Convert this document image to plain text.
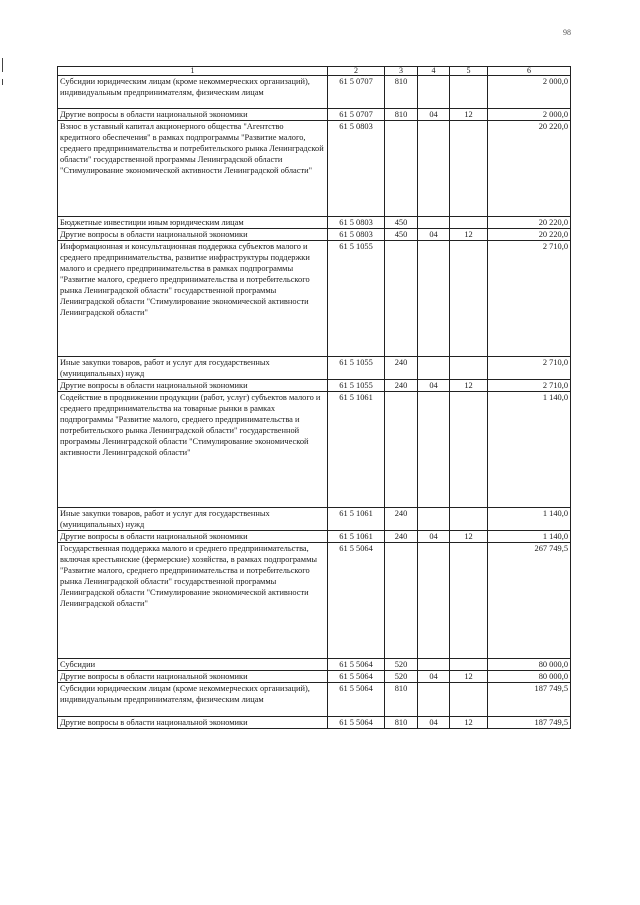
98
1	2	3	4	5	6
Субсидии юридическим лицам (кроме некоммерческих организаций), индивидуальным предпринимателям, физическим лицам	61 5 0707	810			2 000,0
Другие вопросы в области национальной экономики	61 5 0707	810	04	12	2 000,0
Взнос в уставный капитал акционерного общества "Агентство кредитного обеспечения" в рамках подпрограммы "Развитие малого, среднего предпринимательства и потребительского рынка Ленинградской области" государственной программы Ленинградской области "Стимулирование экономической активности Ленинградской области"	61 5 0803				20 220,0
Бюджетные инвестиции иным юридическим лицам	61 5 0803	450			20 220,0
Другие вопросы в области национальной экономики	61 5 0803	450	04	12	20 220,0
Информационная и консультационная поддержка субъектов малого и среднего предпринимательства, развитие инфраструктуры поддержки малого и среднего предпринимательства в рамках подпрограммы "Развитие малого, среднего предпринимательства и потребительского рынка Ленинградской области" государственной программы Ленинградской области "Стимулирование экономической активности Ленинградской области"	61 5 1055				2 710,0
Иные закупки товаров, работ и услуг для государственных (муниципальных) нужд	61 5 1055	240			2 710,0
Другие вопросы в области национальной экономики	61 5 1055	240	04	12	2 710,0
Содействие в продвижении продукции (работ, услуг) субъектов малого и среднего предпринимательства на товарные рынки в рамках подпрограммы "Развитие малого, среднего предпринимательства и потребительского рынка Ленинградской области" государственной программы Ленинградской области "Стимулирование экономической активности Ленинградской области"	61 5 1061				1 140,0
Иные закупки товаров, работ и услуг для государственных (муниципальных) нужд	61 5 1061	240			1 140,0
Другие вопросы в области национальной экономики	61 5 1061	240	04	12	1 140,0
Государственная поддержка малого и среднего предпринимательства, включая крестьянские (фермерские) хозяйства, в рамках подпрограммы "Развитие малого, среднего предпринимательства и потребительского рынка Ленинградской области" государственной программы Ленинградской области "Стимулирование экономической активности Ленинградской области"	61 5 5064				267 749,5
Субсидии	61 5 5064	520			80 000,0
Другие вопросы в области национальной экономики	61 5 5064	520	04	12	80 000,0
Субсидии юридическим лицам (кроме некоммерческих организаций), индивидуальным предпринимателям, физическим лицам	61 5 5064	810			187 749,5
Другие вопросы в области национальной экономики	61 5 5064	810	04	12	187 749,5
